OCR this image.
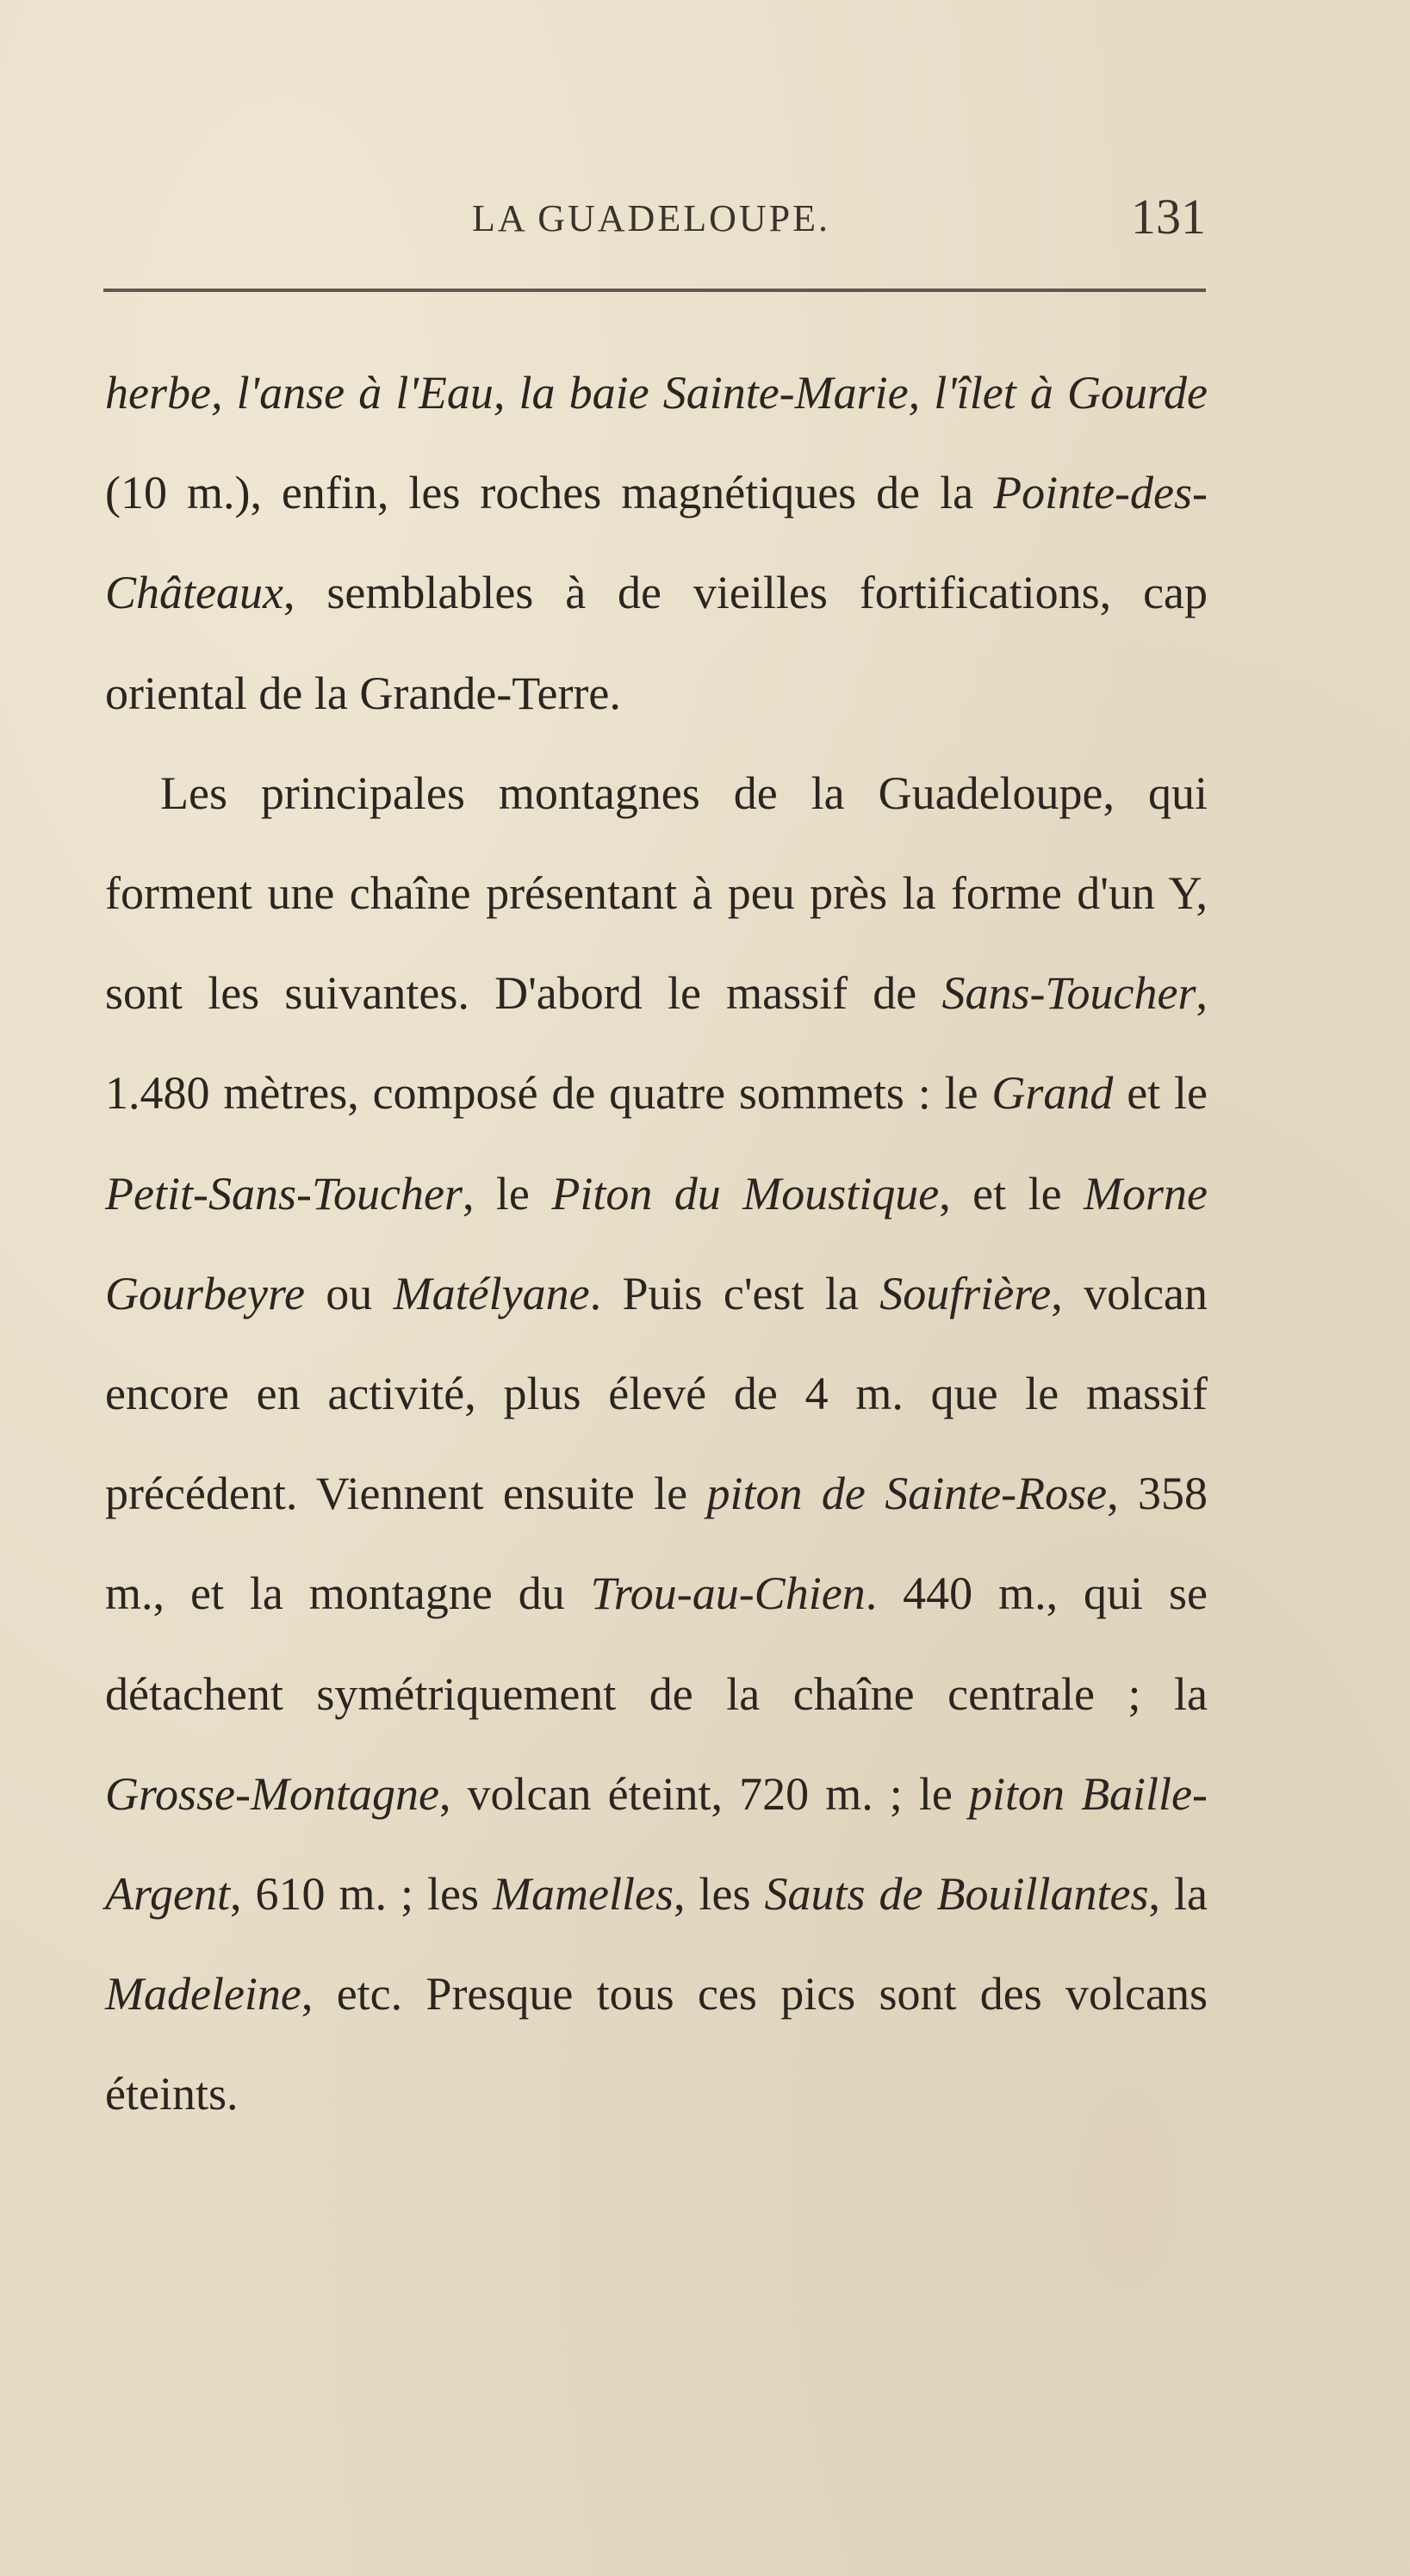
LA GUADELOUPE.	131

herbe, l'anse à l'Eau, la baie Sainte-Marie, l'îlet à Gourde (10 m.), enfin, les roches magnétiques de la Pointe-des-Châteaux, semblables à de vieilles fortifications, cap oriental de la Grande-Terre.

Les principales montagnes de la Guadeloupe, qui forment une chaîne présentant à peu près la forme d'un Y, sont les suivantes. D'abord le massif de Sans-Toucher, 1.480 mètres, composé de quatre sommets : le Grand et le Petit-Sans-Toucher, le Piton du Moustique, et le Morne Gourbeyre ou Matélyane. Puis c'est la Soufrière, volcan encore en activité, plus élevé de 4 m. que le massif précédent. Viennent ensuite le piton de Sainte-Rose, 358 m., et la montagne du Trou-au-Chien. 440 m., qui se détachent symétriquement de la chaîne centrale ; la Grosse-Montagne, volcan éteint, 720 m. ; le piton Baille-Argent, 610 m. ; les Mamelles, les Sauts de Bouillantes, la Madeleine, etc. Presque tous ces pics sont des volcans éteints.
